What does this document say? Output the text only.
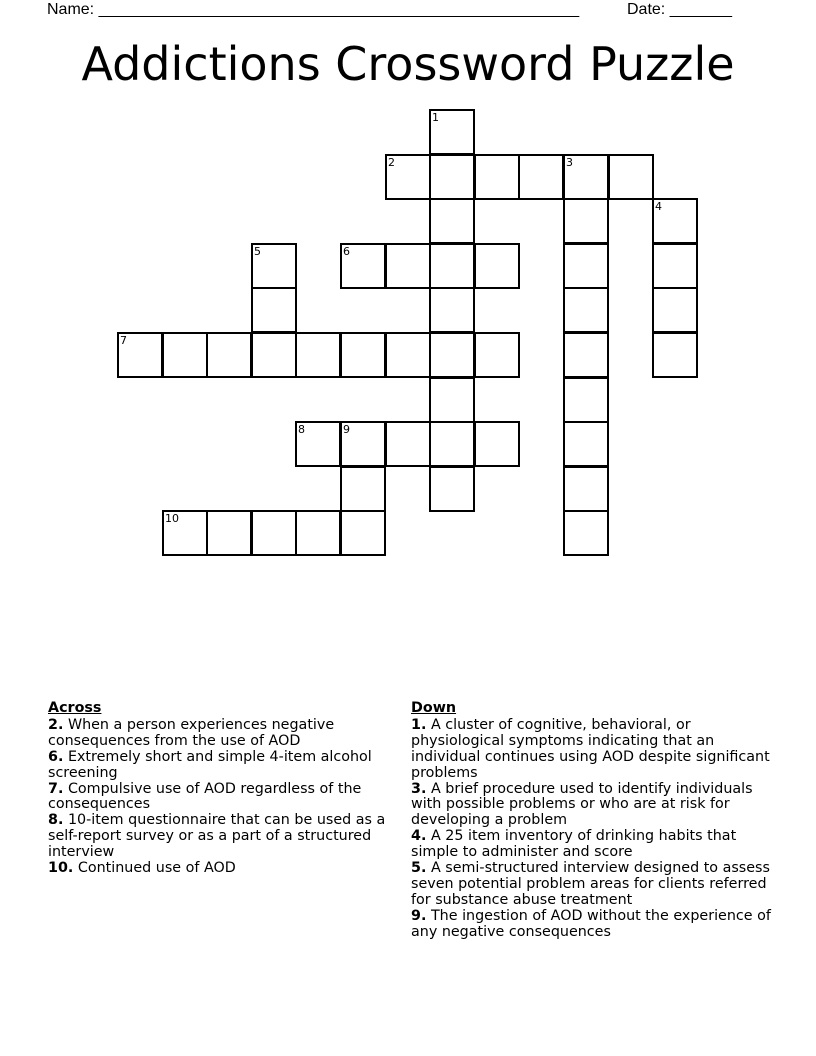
Name: ______________________________________________________	Date: _______
Addictions Crossword Puzzle
1
2	3
4
5	6
7
8	9
10
Across
2. When a person experiences negative consequences from the use of AOD
6. Extremely short and simple 4-item alcohol screening
7. Compulsive use of AOD regardless of the consequences
8. 10-item questionnaire that can be used as a self-report survey or as a part of a structured interview
10. Continued use of AOD
Down
1. A cluster of cognitive, behavioral, or physiological symptoms indicating that an individual continues using AOD despite significant problems
3. A brief procedure used to identify individuals with possible problems or who are at risk for developing a problem
4. A 25 item inventory of drinking habits that simple to administer and score
5. A semi-structured interview designed to assess seven potential problem areas for clients referred for substance abuse treatment
9. The ingestion of AOD without the experience of any negative consequences
